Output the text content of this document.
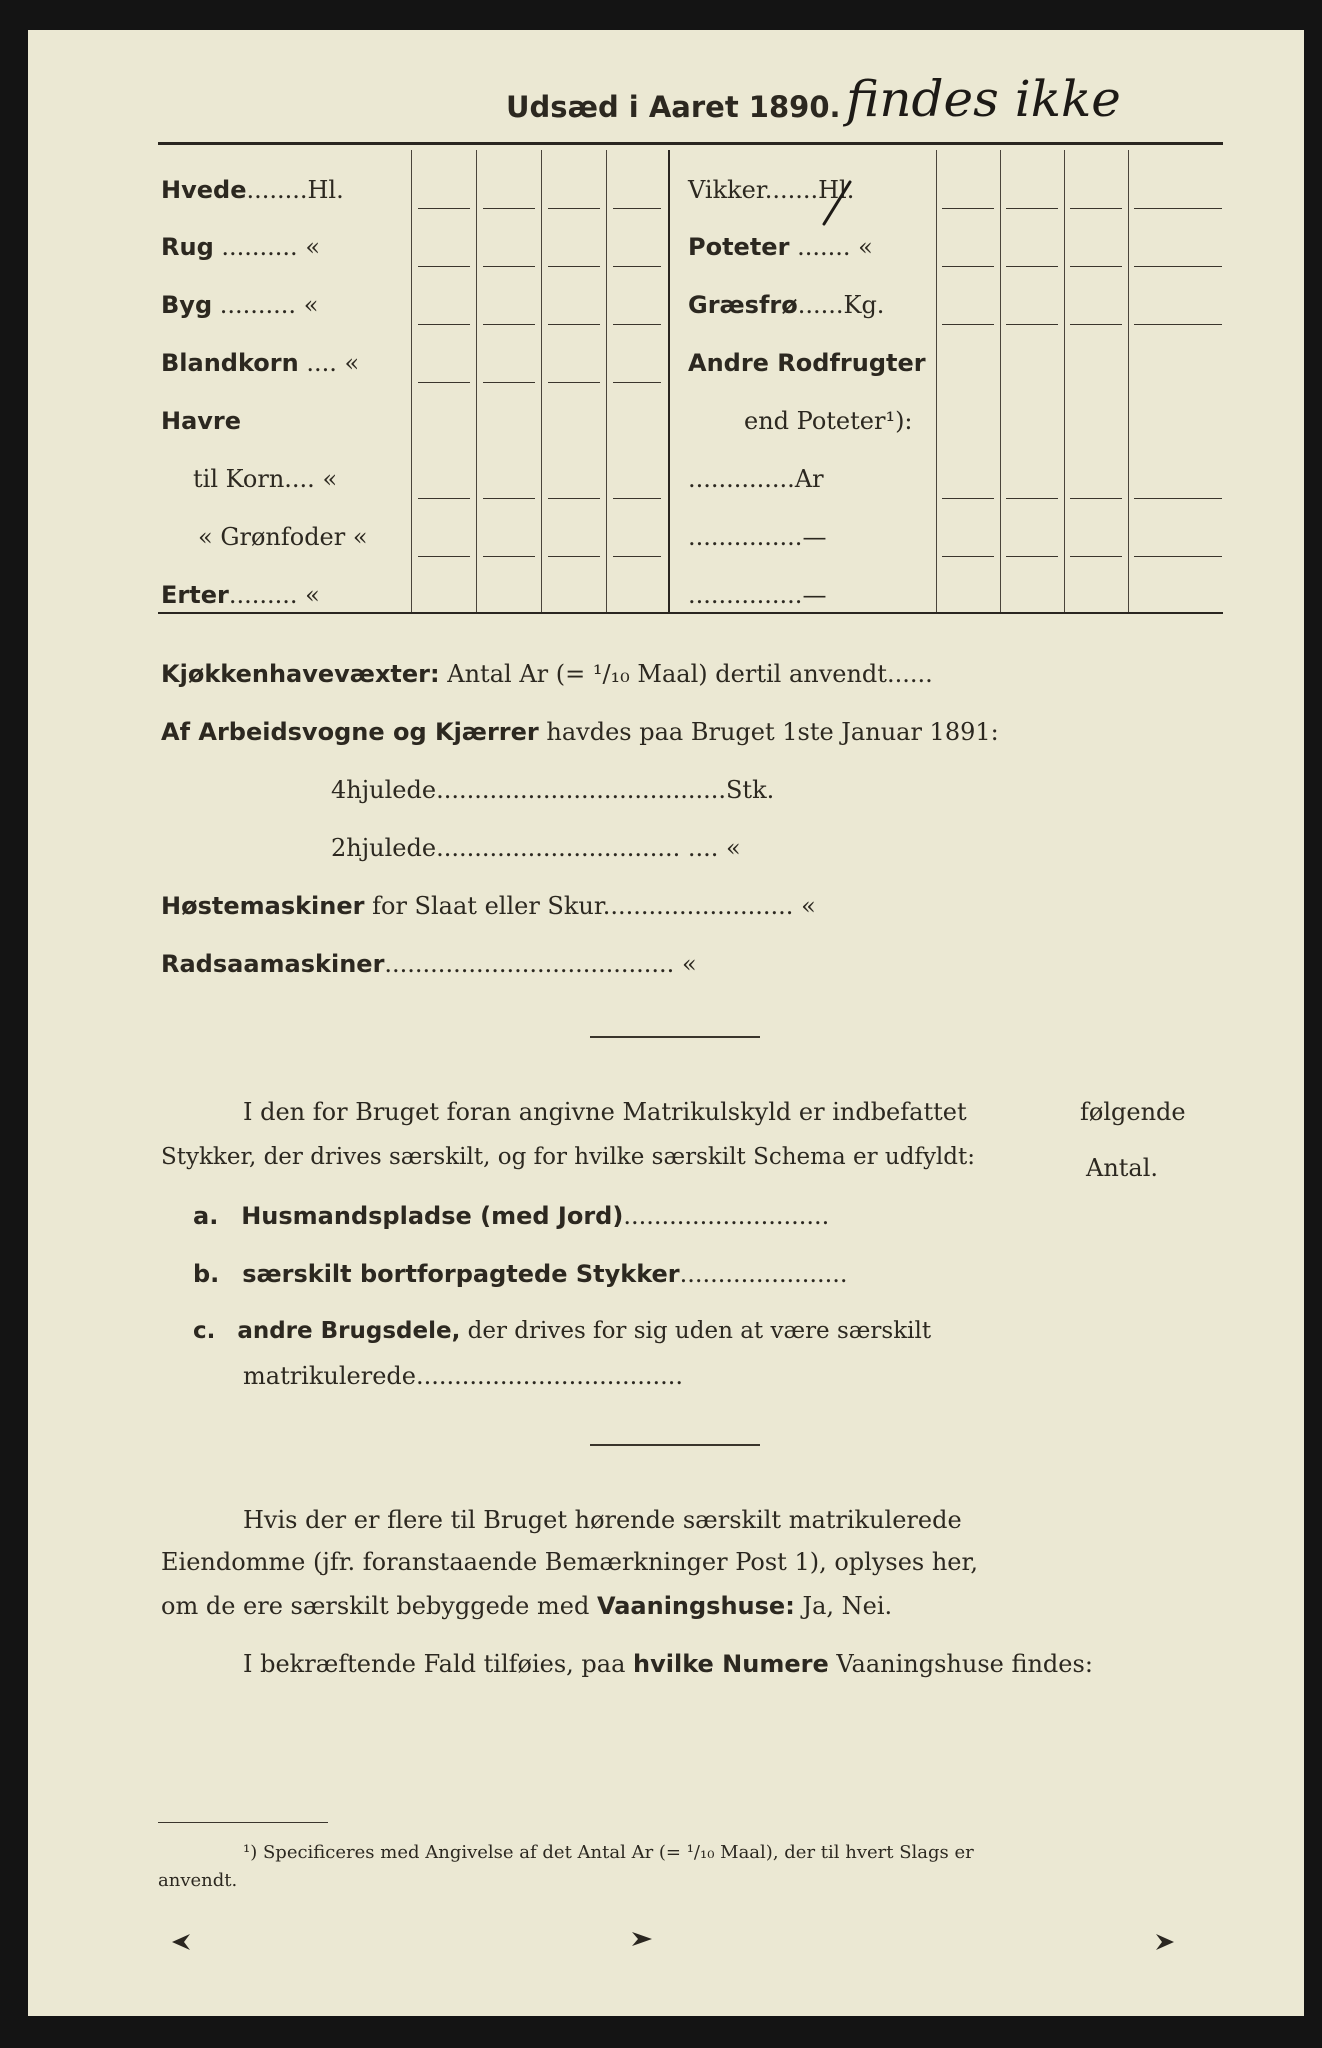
Udsæd i Aaret 1890. findes ikke
Hvede........Hl.
Rug .......... «
Byg .......... «
Blandkorn .... «
Havre
til Korn.... «
« Grønfoder «
Erter......... «
Vikker.......Hl.
Poteter ....... «
Græsfrø......Kg.
Andre Rodfrugter
end Poteter¹):
..............Ar
...............—
...............—
Kjøkkenhavevæxter: Antal Ar (= ¹/₁₀ Maal) dertil anvendt......
Af Arbeidsvogne og Kjærrer havdes paa Bruget 1ste Januar 1891:
4hjulede......................................Stk.
2hjulede................................ .... «
Høstemaskiner for Slaat eller Skur......................... «
Radsaamaskiner...................................... «
I den for Bruget foran angivne Matrikulskyld er indbefattet	følgende
Stykker, der drives særskilt, og for hvilke særskilt Schema er udfyldt:	Antal.
a. Husmandspladse (med Jord)...........................
b. særskilt bortforpagtede Stykker......................
c. andre Brugsdele, der drives for sig uden at være særskilt
matrikulerede...................................
Hvis der er flere til Bruget hørende særskilt matrikulerede
Eiendomme (jfr. foranstaaende Bemærkninger Post 1), oplyses her,
om de ere særskilt bebyggede med Vaaningshuse: Ja, Nei.
I bekræftende Fald tilføies, paa hvilke Numere Vaaningshuse findes:
¹) Specificeres med Angivelse af det Antal Ar (= ¹/₁₀ Maal), der til hvert Slags er
anvendt.
